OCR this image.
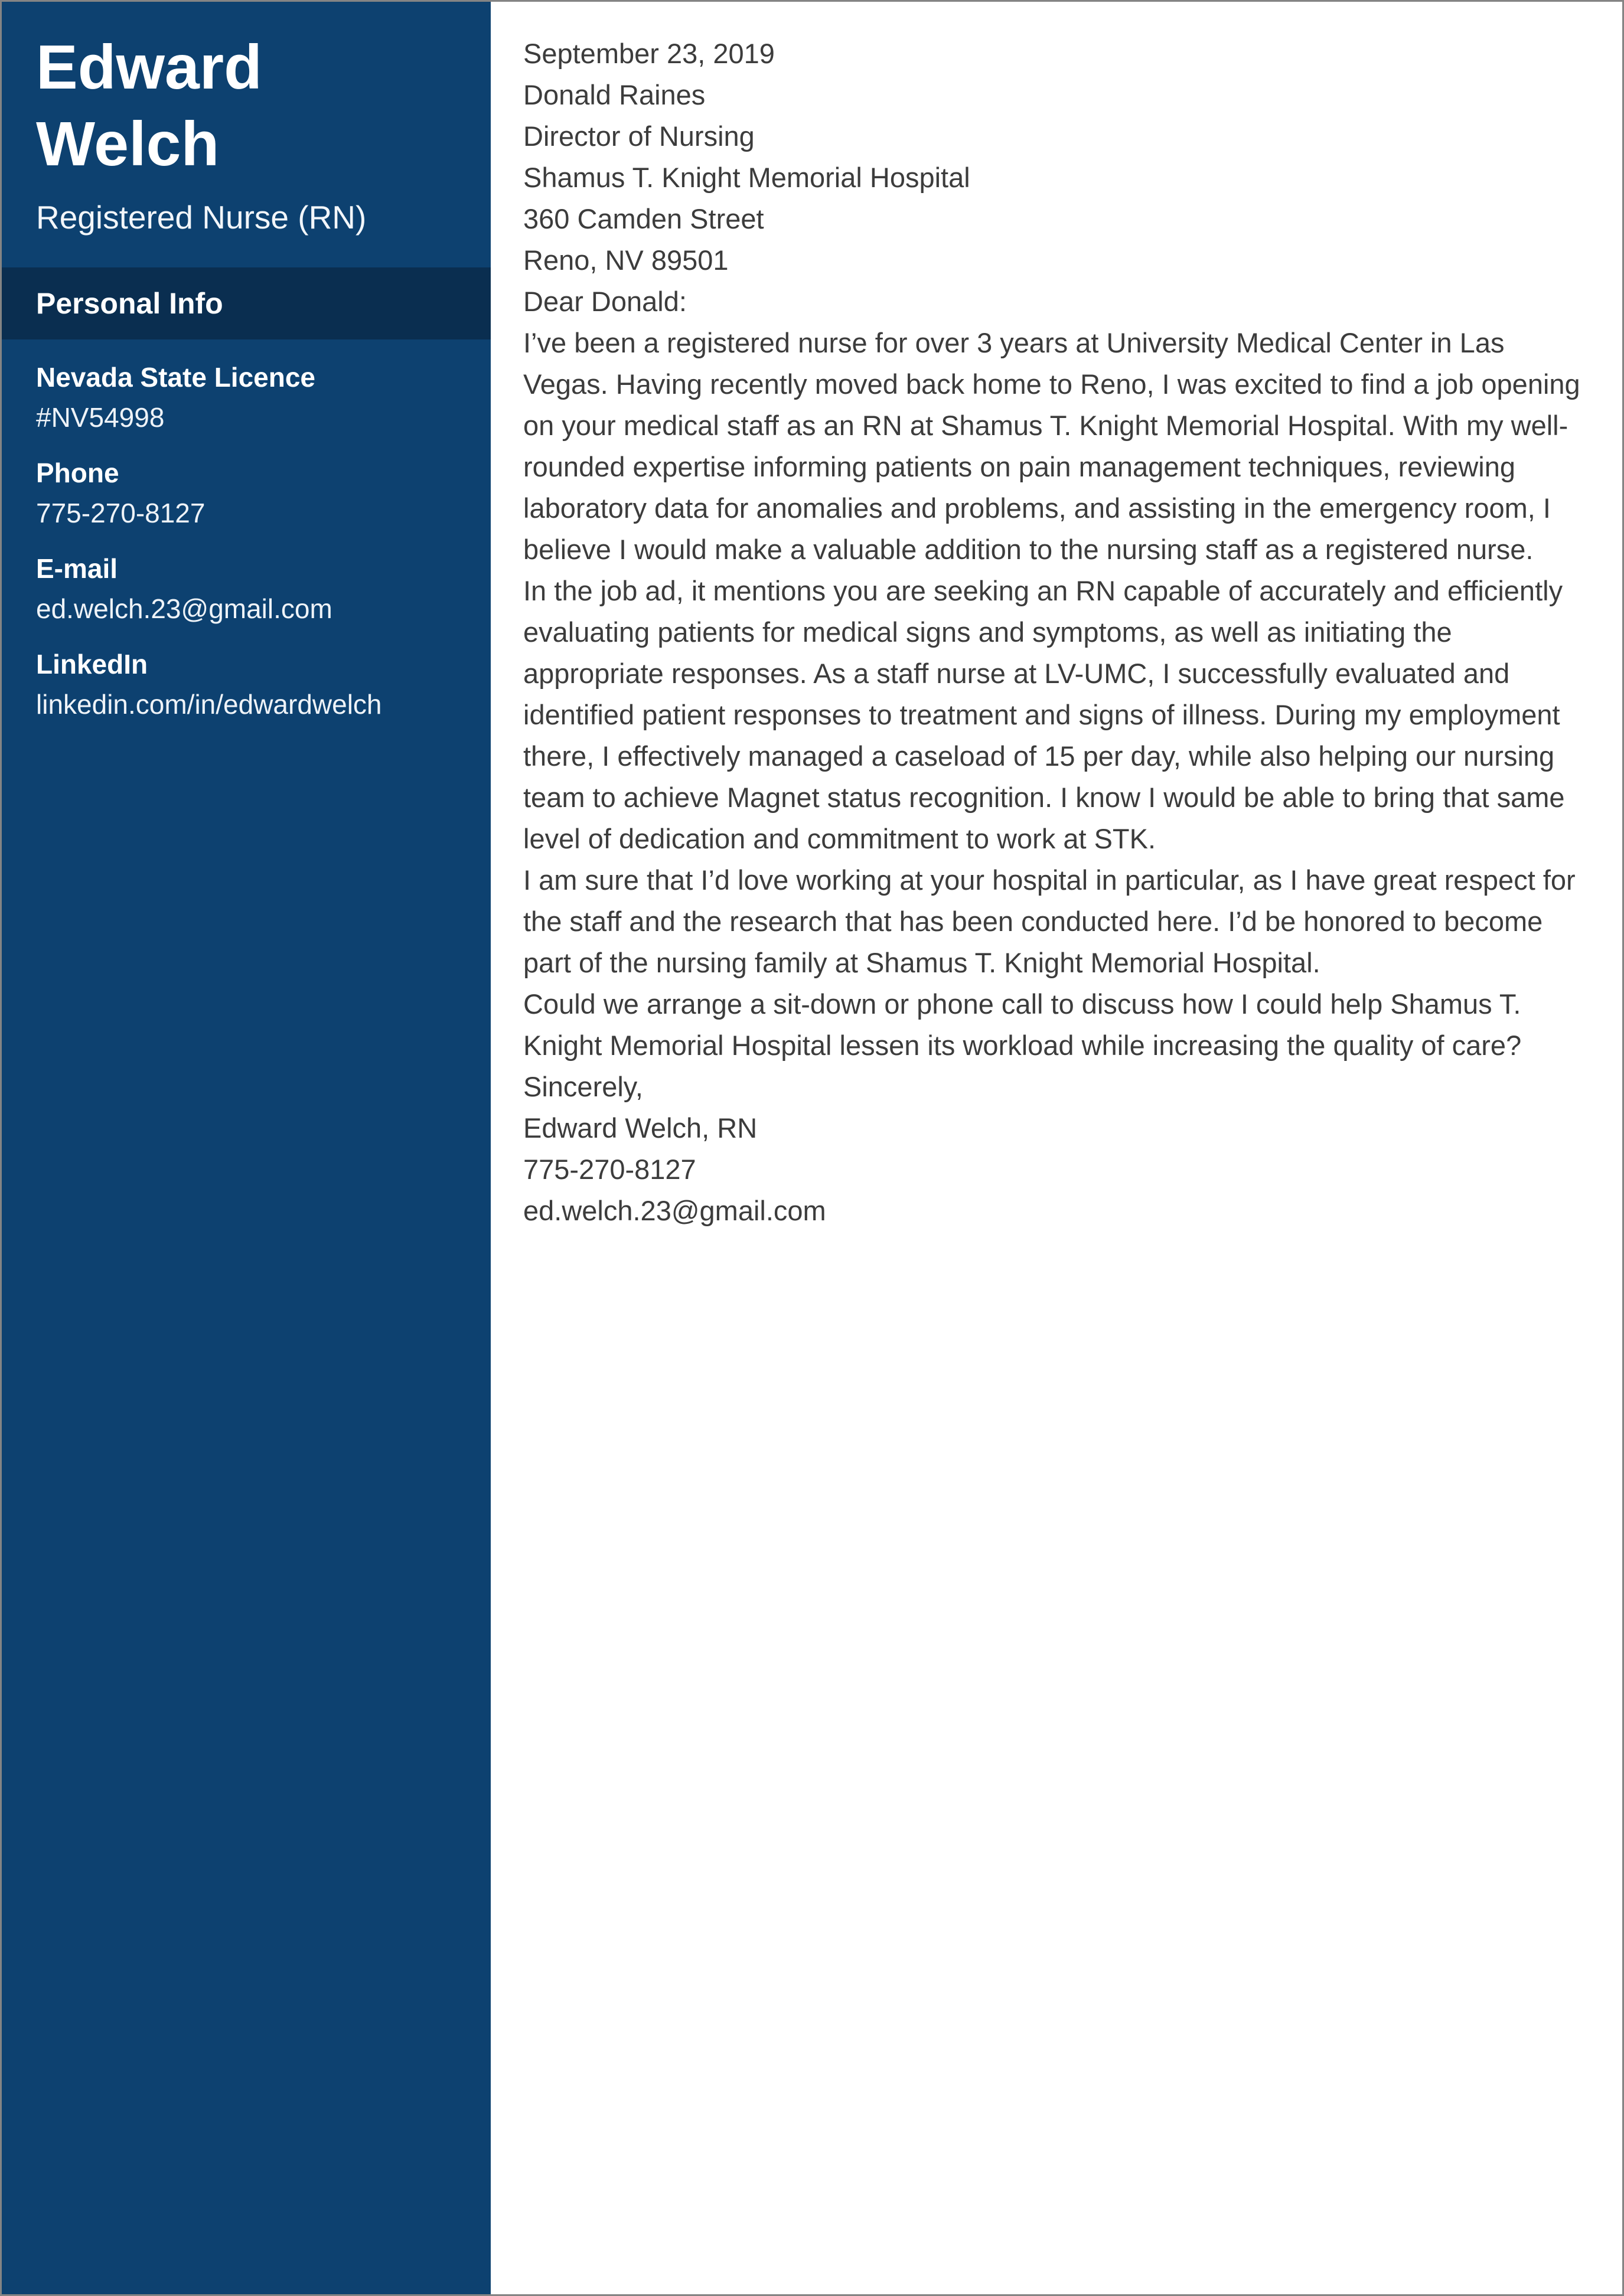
Edward
Welch
Registered Nurse (RN)
Personal Info
Nevada State Licence
#NV54998
Phone
775-270-8127
E-mail
ed.welch.23@gmail.com
LinkedIn
linkedin.com/in/edwardwelch

September 23, 2019

Donald Raines
Director of Nursing
Shamus T. Knight Memorial Hospital
360 Camden Street
Reno, NV 89501

Dear Donald:

I’ve been a registered nurse for over 3 years at University Medical Center in Las Vegas. Having recently moved back home to Reno, I was excited to find a job opening on your medical staff as an RN at Shamus T. Knight Memorial Hospital. With my well-rounded expertise informing patients on pain management techniques, reviewing laboratory data for anomalies and problems, and assisting in the emergency room, I believe I would make a valuable addition to the nursing staff as a registered nurse.

In the job ad, it mentions you are seeking an RN capable of accurately and efficiently evaluating patients for medical signs and symptoms, as well as initiating the appropriate responses. As a staff nurse at LV-UMC, I successfully evaluated and identified patient responses to treatment and signs of illness. During my employment there, I effectively managed a caseload of 15 per day, while also helping our nursing team to achieve Magnet status recognition. I know I would be able to bring that same level of dedication and commitment to work at STK.

I am sure that I’d love working at your hospital in particular, as I have great respect for the staff and the research that has been conducted here. I’d be honored to become part of the nursing family at Shamus T. Knight Memorial Hospital.

Could we arrange a sit-down or phone call to discuss how I could help Shamus T. Knight Memorial Hospital lessen its workload while increasing the quality of care?

Sincerely,

Edward Welch, RN
775-270-8127
ed.welch.23@gmail.com
